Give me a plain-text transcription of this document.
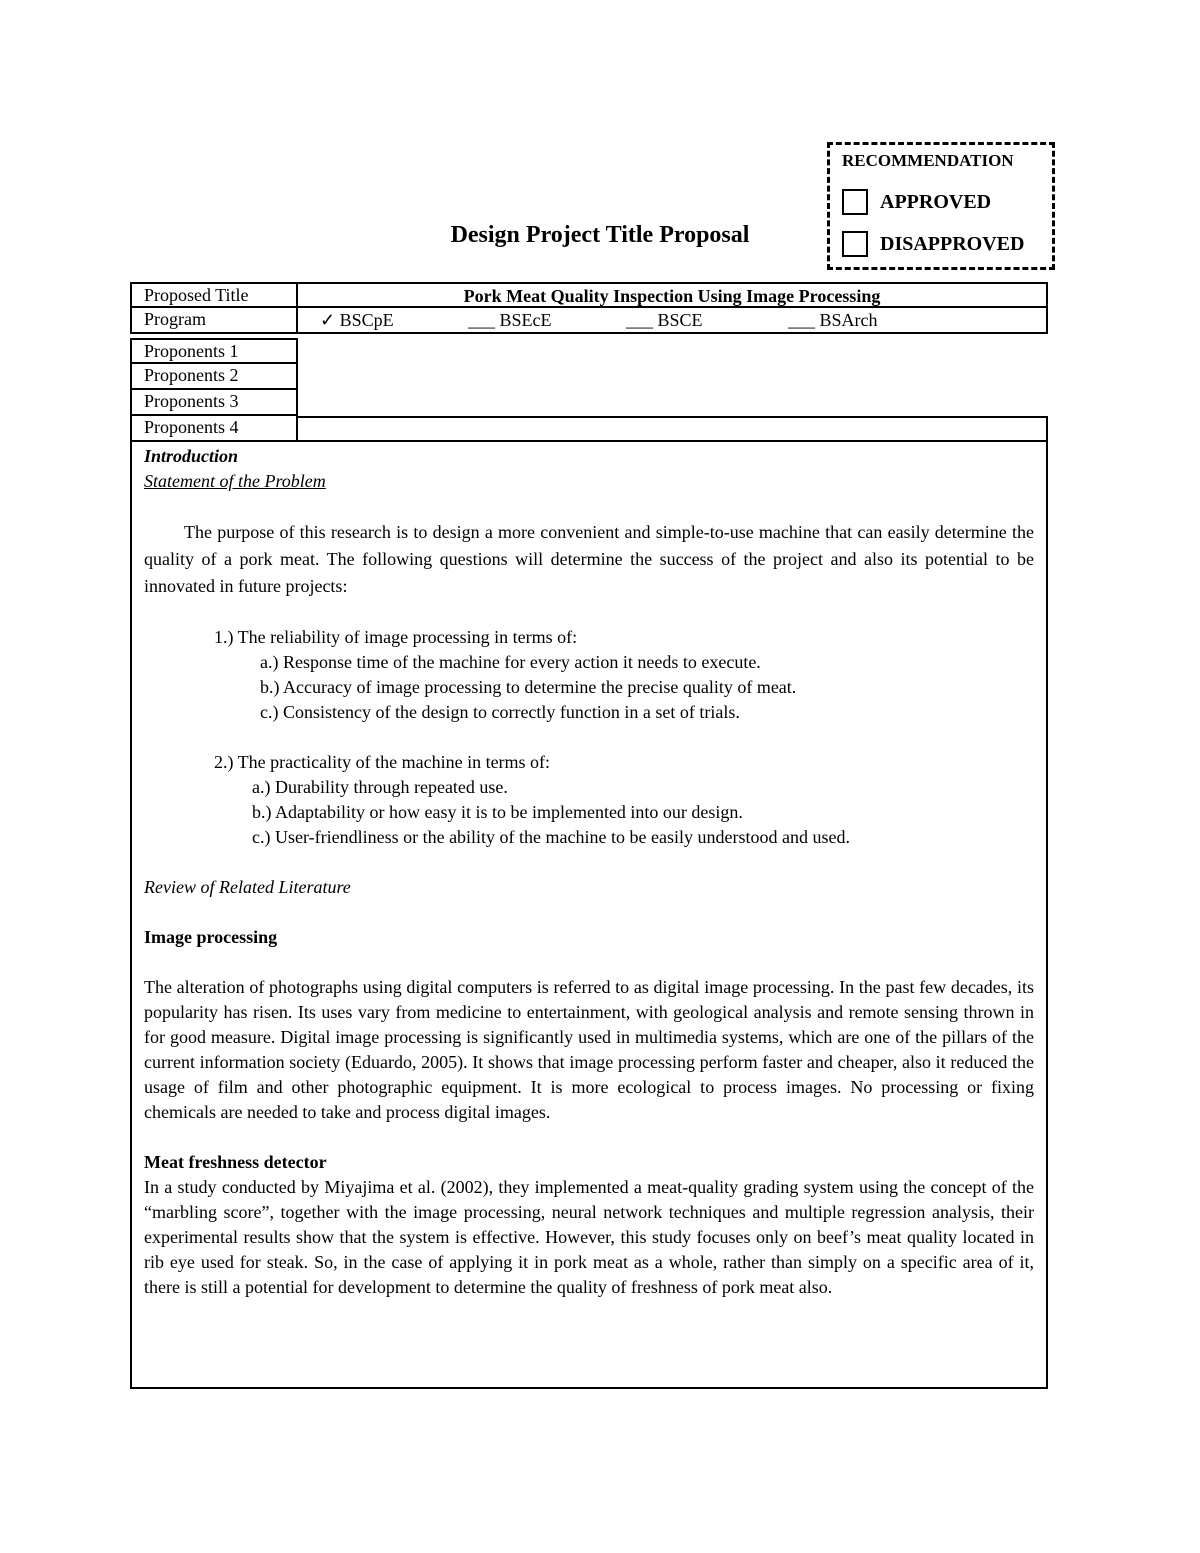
Design Project Title Proposal
RECOMMENDATION
APPROVED
DISAPPROVED
Proposed Title	Pork Meat Quality Inspection Using Image Processing
Program	✓ BSCpE	___ BSEcE	___ BSCE	___ BSArch
Proponents 1
Proponents 2
Proponents 3
Proponents 4
Introduction
Statement of the Problem

The purpose of this research is to design a more convenient and simple-to-use machine that can easily determine the quality of a pork meat. The following questions will determine the success of the project and also its potential to be innovated in future projects:

1.) The reliability of image processing in terms of:
a.) Response time of the machine for every action it needs to execute.
b.) Accuracy of image processing to determine the precise quality of meat.
c.) Consistency of the design to correctly function in a set of trials.
2.) The practicality of the machine in terms of:
a.) Durability through repeated use.
b.) Adaptability or how easy it is to be implemented into our design.
c.) User-friendliness or the ability of the machine to be easily understood and used.
Review of Related Literature
Image processing

The alteration of photographs using digital computers is referred to as digital image processing. In the past few decades, its popularity has risen. Its uses vary from medicine to entertainment, with geological analysis and remote sensing thrown in for good measure. Digital image processing is significantly used in multimedia systems, which are one of the pillars of the current information society (Eduardo, 2005). It shows that image processing perform faster and cheaper, also it reduced the usage of film and other photographic equipment. It is more ecological to process images. No processing or fixing chemicals are needed to take and process digital images.

Meat freshness detector

In a study conducted by Miyajima et al. (2002), they implemented a meat-quality grading system using the concept of the “marbling score”, together with the image processing, neural network techniques and multiple regression analysis, their experimental results show that the system is effective. However, this study focuses only on beef’s meat quality located in rib eye used for steak. So, in the case of applying it in pork meat as a whole, rather than simply on a specific area of it, there is still a potential for development to determine the quality of freshness of pork meat also.
